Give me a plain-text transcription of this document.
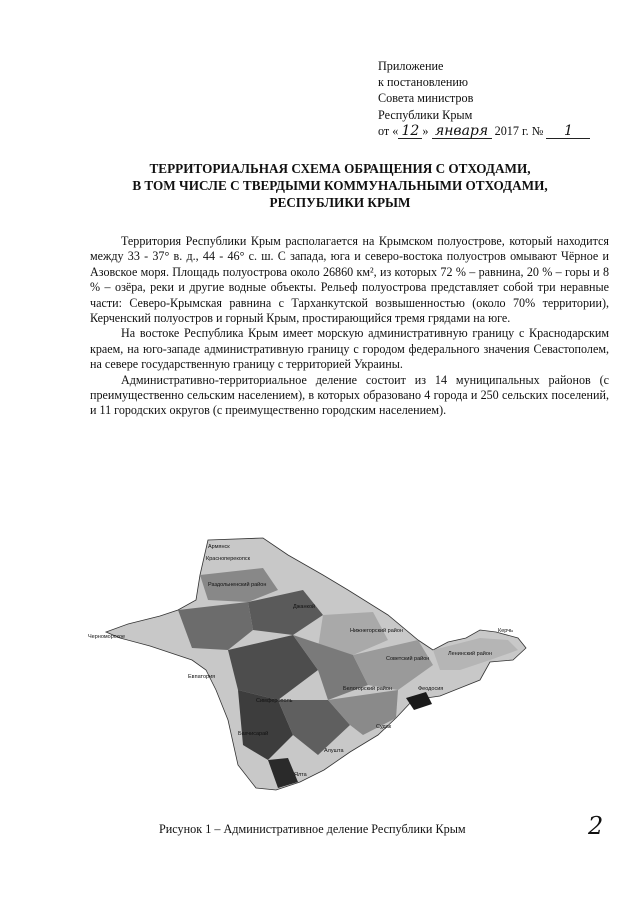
Приложение
к постановлению
Совета министров
Республики Крым
от « 12 » января 2017 г. № 1
ТЕРРИТОРИАЛЬНАЯ СХЕМА ОБРАЩЕНИЯ С ОТХОДАМИ,
В ТОМ ЧИСЛЕ С ТВЕРДЫМИ КОММУНАЛЬНЫМИ ОТХОДАМИ,
РЕСПУБЛИКИ КРЫМ

Территория Республики Крым располагается на Крымском полуострове, который находится между 33 - 37° в. д., 44 - 46° с. ш. С запада, юга и северо-востока полуостров омывают Чёрное и Азовское моря. Площадь полуострова около 26860 км², из которых 72 % – равнина, 20 % – горы и 8 % – озёра, реки и другие водные объекты. Рельеф полуострова представляет собой три неравные части: Северо-Крымская равнина с Тарханкутской возвышенностью (около 70% территории), Керченский полуостров и горный Крым, простирающийся тремя грядами на юге.

На востоке Республика Крым имеет морскую административную границу с Краснодарским краем, на юго-западе административную границу с городом федерального значения Севастополем, на севере государственную границу с территорией Украины.

Административно-территориальное деление состоит из 14 муниципальных районов (с преимущественно сельским населением), в которых образовано 4 города и 250 сельских поселений, и 11 городских округов (с преимущественно городским населением).

Армянск
Красноперекопск
Раздольненский район
Джанкой
Нижнегорский район
Советский район
Черноморское
Евпатория
Симферополь
Белогорский район	Феодосия
Судак
Бахчисарай
Алушта
Ялта
Ленинский район
Керчь
Рисунок 1 – Административное деление Республики Крым	2
